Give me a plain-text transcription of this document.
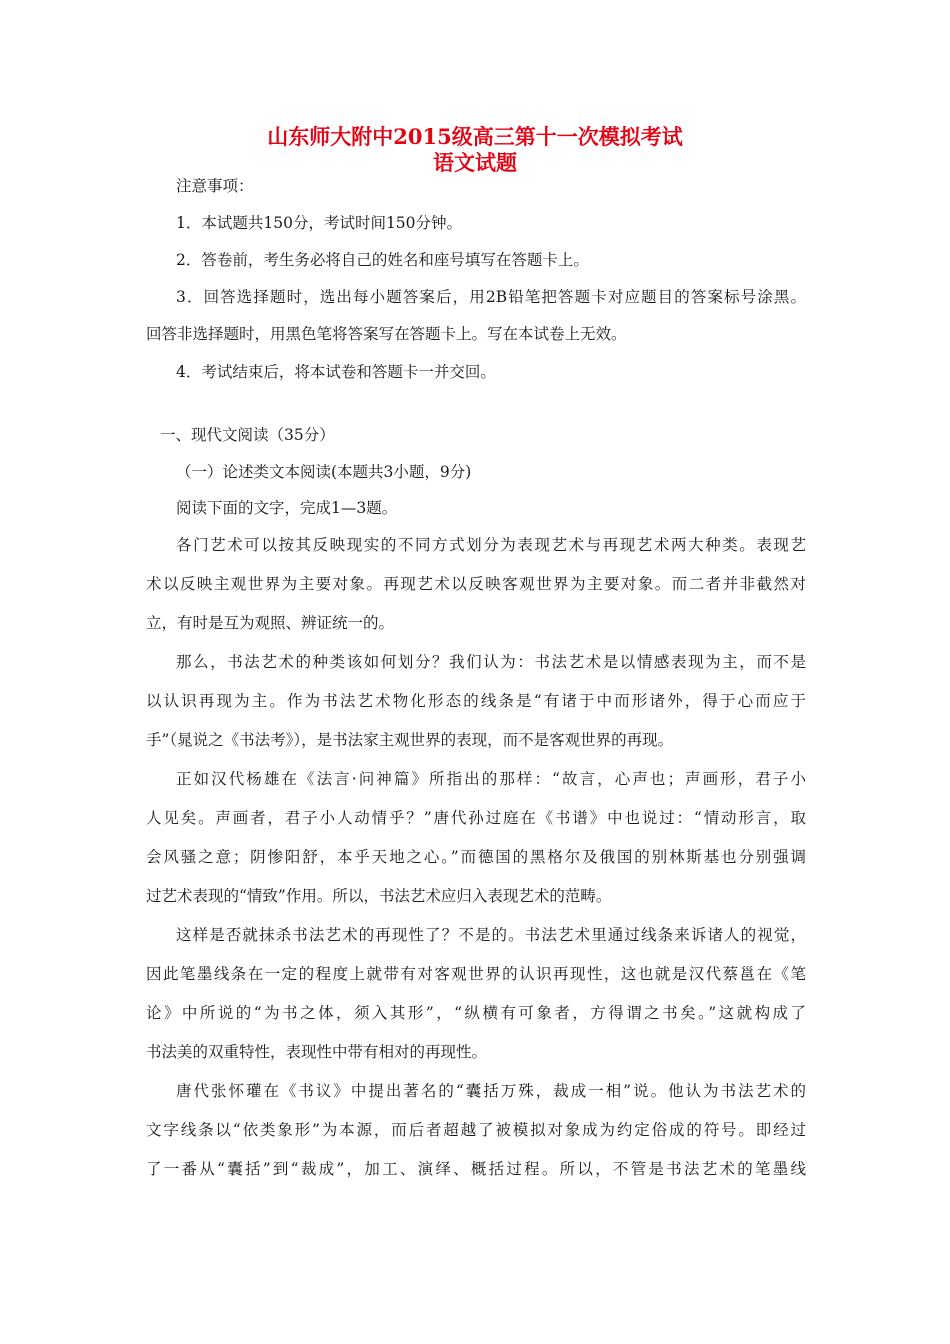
山东师大附中2015级高三第十一次模拟考试
语文试题

注意事项：

1．本试题共150分，考试时间150分钟。

2．答卷前，考生务必将自己的姓名和座号填写在答题卡上。

3．回答选择题时，选出每小题答案后，用2B铅笔把答题卡对应题目的答案标号涂黑。

回答非选择题时，用黑色笔将答案写在答题卡上。写在本试卷上无效。

4．考试结束后，将本试卷和答题卡一并交回。

一、现代文阅读（35分）

（一）论述类文本阅读(本题共3小题，9分)

阅读下面的文字，完成1—3题。

各门艺术可以按其反映现实的不同方式划分为表现艺术与再现艺术两大种类。表现艺

术以反映主观世界为主要对象。再现艺术以反映客观世界为主要对象。而二者并非截然对

立，有时是互为观照、辨证统一的。

那么，书法艺术的种类该如何划分？我们认为：书法艺术是以情感表现为主，而不是

以认识再现为主。作为书法艺术物化形态的线条是“有诸于中而形诸外，得于心而应于

手”（晁说之《书法考》），是书法家主观世界的表现，而不是客观世界的再现。

正如汉代杨雄在《法言·问神篇》所指出的那样：“故言，心声也；声画形，君子小

人见矣。声画者，君子小人动情乎？”唐代孙过庭在《书谱》中也说过：“情动形言，取

会风骚之意；阴惨阳舒，本乎天地之心。”而德国的黑格尔及俄国的别林斯基也分别强调

过艺术表现的“情致”作用。所以，书法艺术应归入表现艺术的范畴。

这样是否就抹杀书法艺术的再现性了？不是的。书法艺术里通过线条来诉诸人的视觉，

因此笔墨线条在一定的程度上就带有对客观世界的认识再现性，这也就是汉代蔡邕在《笔

论》中所说的“为书之体，须入其形”，“纵横有可象者，方得谓之书矣。”这就构成了

书法美的双重特性，表现性中带有相对的再现性。

唐代张怀瓘在《书议》中提出著名的“囊括万殊，裁成一相”说。他认为书法艺术的

文字线条以“依类象形”为本源，而后者超越了被模拟对象成为约定俗成的符号。即经过

了一番从“囊括”到“裁成”，加工、演绎、概括过程。所以，不管是书法艺术的笔墨线
